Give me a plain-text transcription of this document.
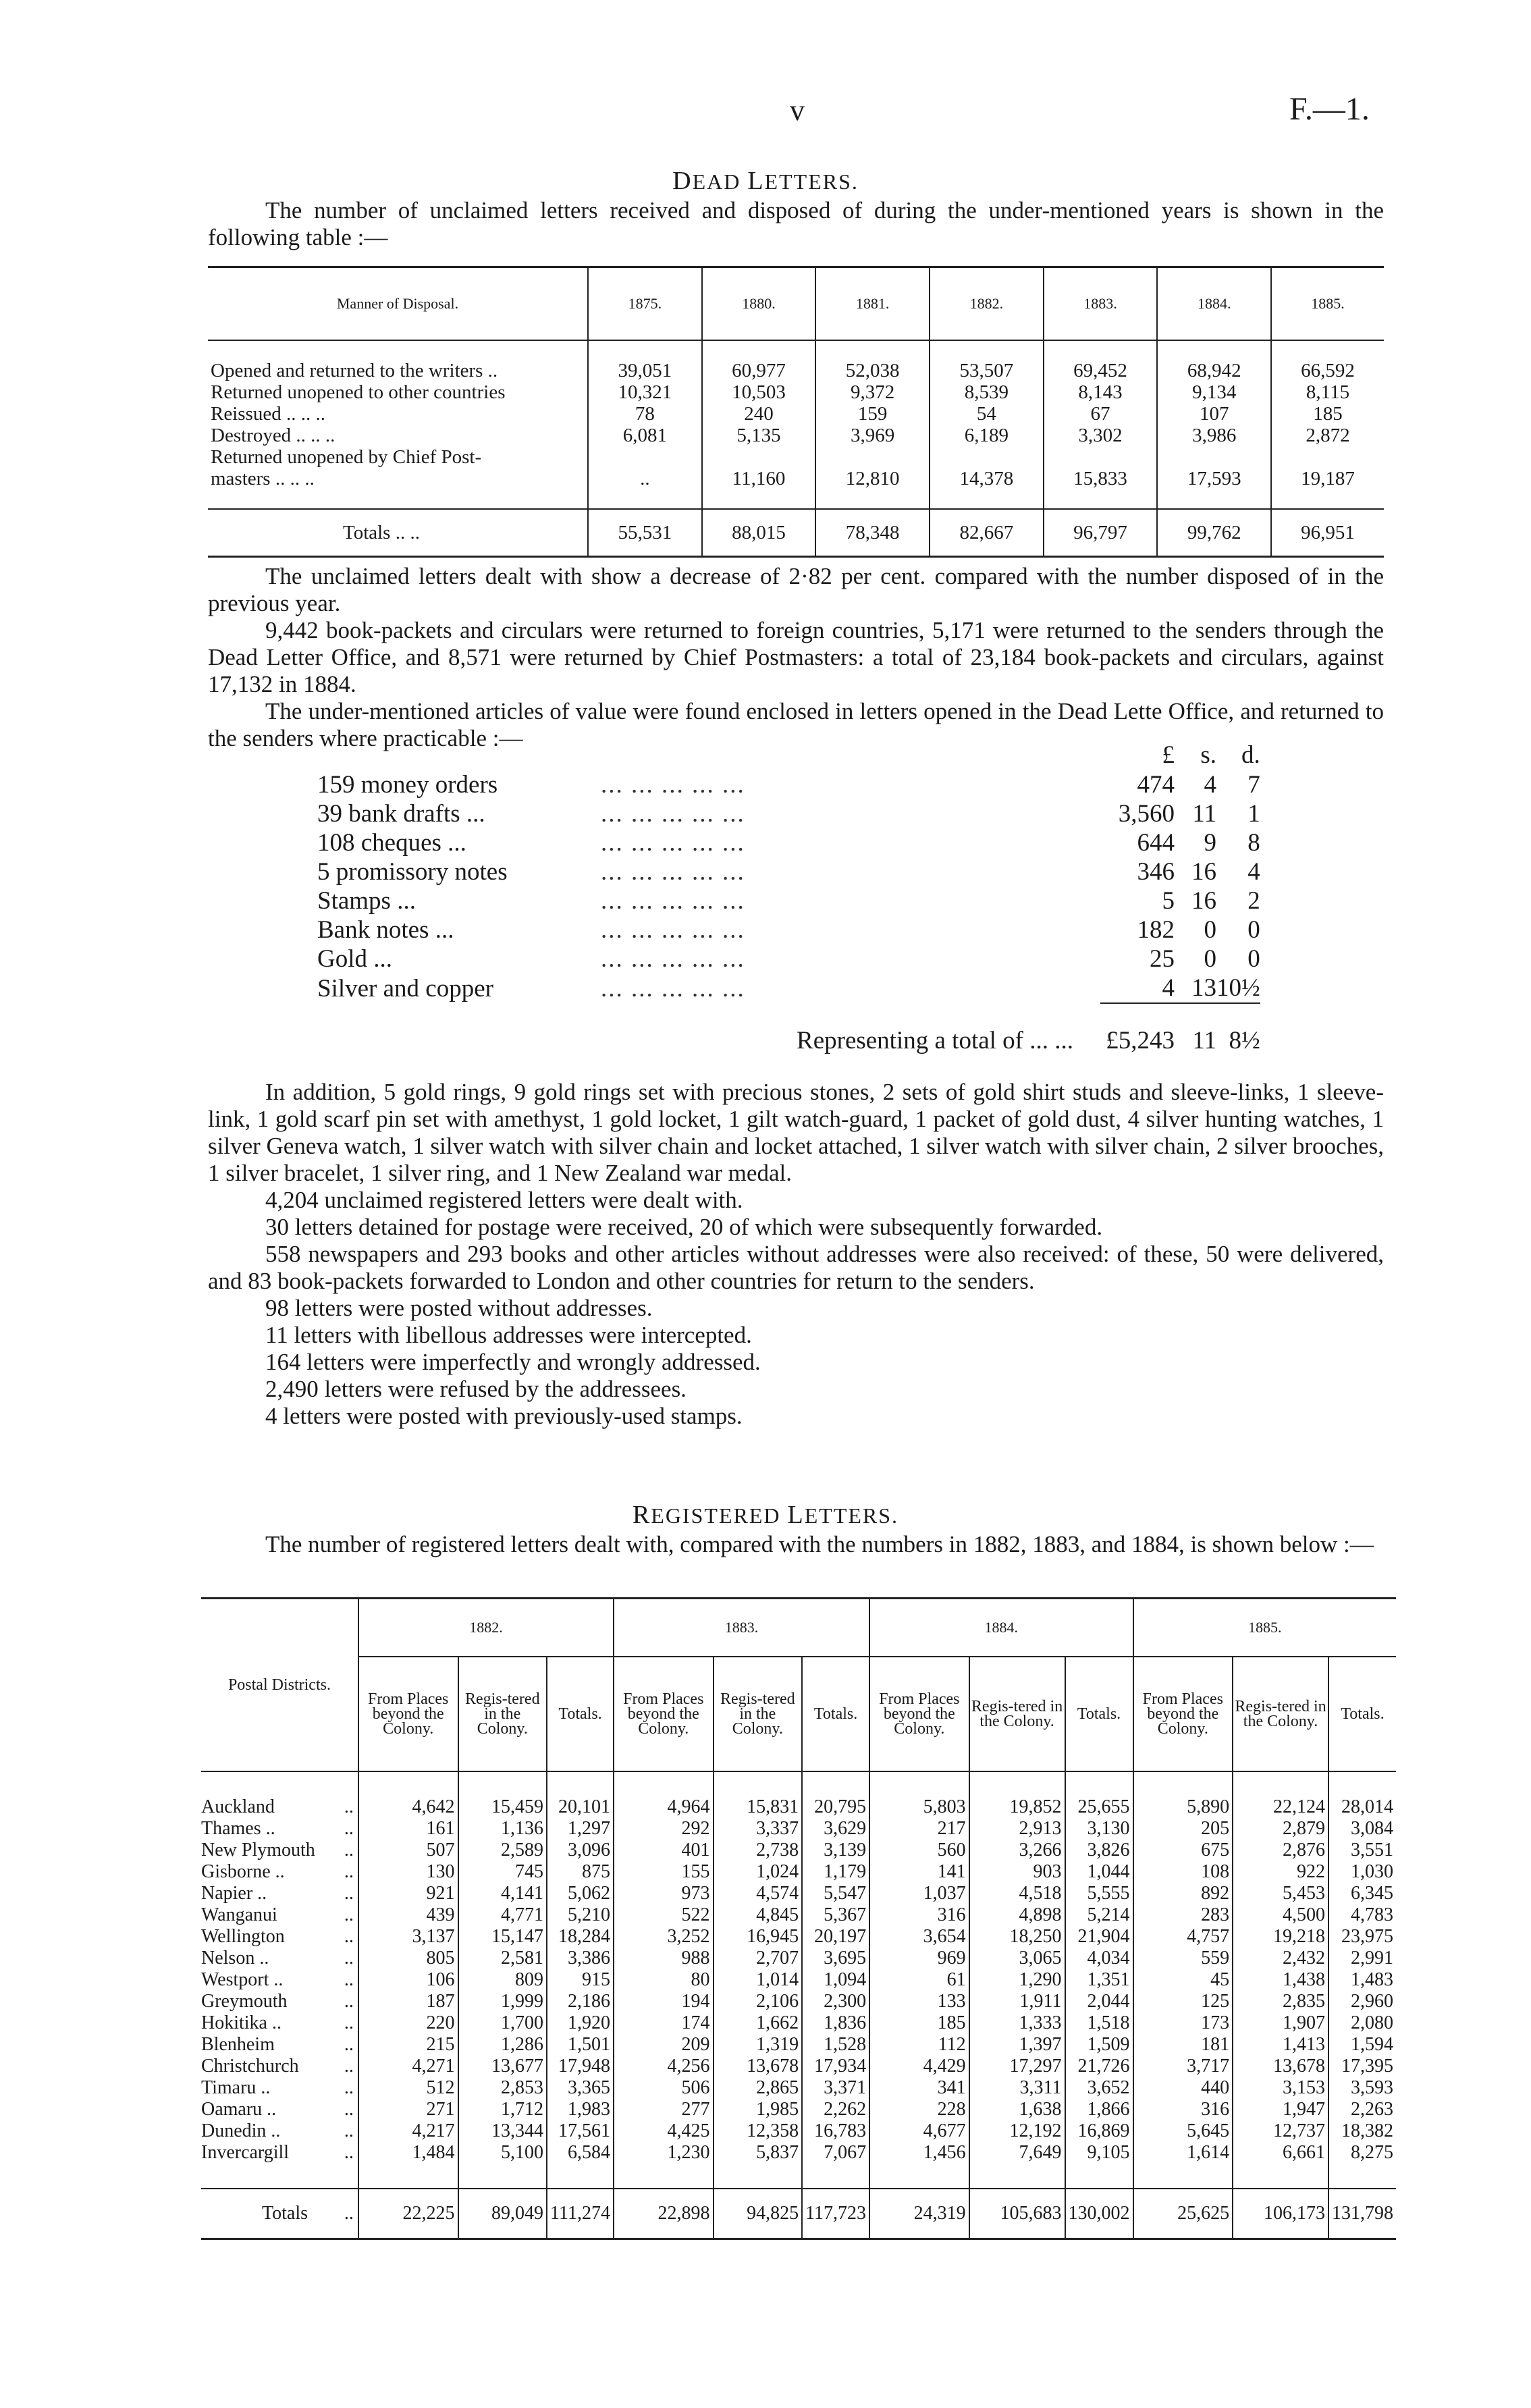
v	F.—1.
DEAD LETTERS.

The number of unclaimed letters received and disposed of during the under-mentioned years is shown in the following table :—

Manner of Disposal.	1875.	1880.	1881.	1882.	1883.	1884.	1885.

Opened and returned to the writers ..	39,051	60,977	52,038	53,507	69,452	68,942	66,592
Returned unopened to other countries	10,321	10,503	9,372	8,539	8,143	9,134	8,115
Reissued .. .. ..	78	240	159	54	67	107	185
Destroyed .. .. ..	6,081	5,135	3,969	6,189	3,302	3,986	2,872
Returned unopened by Chief Post-							
masters .. .. ..	..	11,160	12,810	14,378	15,833	17,593	19,187

Totals .. ..	55,531	88,015	78,348	82,667	96,797	99,762	96,951

The unclaimed letters dealt with show a decrease of 2·82 per cent. compared with the number disposed of in the previous year.

9,442 book-packets and circulars were returned to foreign countries, 5,171 were returned to the senders through the Dead Letter Office, and 8,571 were returned by Chief Postmasters: a total of 23,184 book-packets and circulars, against 17,132 in 1884.

The under-mentioned articles of value were found enclosed in letters opened in the Dead Lette Office, and returned to the senders where practicable :—

		£	s.	d.
159 money orders	... ... ... ... ...	474	4	7
39 bank drafts ...	... ... ... ... ...	3,560	11	1
108 cheques ...	... ... ... ... ...	644	9	8
5 promissory notes	... ... ... ... ...	346	16	4
Stamps ...	... ... ... ... ...	5	16	2
Bank notes ...	... ... ... ... ...	182	0	0
Gold ...	... ... ... ... ...	25	0	0
Silver and copper	... ... ... ... ...	4	13	10½
Representing a total of ... ...		£5,243	11	8½

In addition, 5 gold rings, 9 gold rings set with precious stones, 2 sets of gold shirt studs and sleeve-links, 1 sleeve-link, 1 gold scarf pin set with amethyst, 1 gold locket, 1 gilt watch-guard, 1 packet of gold dust, 4 silver hunting watches, 1 silver Geneva watch, 1 silver watch with silver chain and locket attached, 1 silver watch with silver chain, 2 silver brooches, 1 silver bracelet, 1 silver ring, and 1 New Zealand war medal.

4,204 unclaimed registered letters were dealt with.

30 letters detained for postage were received, 20 of which were subsequently forwarded.

558 newspapers and 293 books and other articles without addresses were also received: of these, 50 were delivered, and 83 book-packets forwarded to London and other countries for return to the senders.

98 letters were posted without addresses.

11 letters with libellous addresses were intercepted.

164 letters were imperfectly and wrongly addressed.

2,490 letters were refused by the addressees.

4 letters were posted with previously-used stamps.

REGISTERED LETTERS.

The number of registered letters dealt with, compared with the numbers in 1882, 1883, and 1884, is shown below :—

Postal Districts.		1882.			1883.			1884.			1885.		
		From Places beyond the Colony.	Regis-tered in the Colony.	Totals.	From Places beyond the Colony.	Regis-tered in the Colony.	Totals.	From Places beyond the Colony.	Regis-tered in the Colony.	Totals.	From Places beyond the Colony.	Regis-tered in the Colony.	Totals.

Auckland	..	4,642	15,459	20,101	4,964	15,831	20,795	5,803	19,852	25,655	5,890	22,124	28,014
Thames ..	..	161	1,136	1,297	292	3,337	3,629	217	2,913	3,130	205	2,879	3,084
New Plymouth	..	507	2,589	3,096	401	2,738	3,139	560	3,266	3,826	675	2,876	3,551
Gisborne ..	..	130	745	875	155	1,024	1,179	141	903	1,044	108	922	1,030
Napier ..	..	921	4,141	5,062	973	4,574	5,547	1,037	4,518	5,555	892	5,453	6,345
Wanganui	..	439	4,771	5,210	522	4,845	5,367	316	4,898	5,214	283	4,500	4,783
Wellington	..	3,137	15,147	18,284	3,252	16,945	20,197	3,654	18,250	21,904	4,757	19,218	23,975
Nelson ..	..	805	2,581	3,386	988	2,707	3,695	969	3,065	4,034	559	2,432	2,991
Westport ..	..	106	809	915	80	1,014	1,094	61	1,290	1,351	45	1,438	1,483
Greymouth	..	187	1,999	2,186	194	2,106	2,300	133	1,911	2,044	125	2,835	2,960
Hokitika ..	..	220	1,700	1,920	174	1,662	1,836	185	1,333	1,518	173	1,907	2,080
Blenheim	..	215	1,286	1,501	209	1,319	1,528	112	1,397	1,509	181	1,413	1,594
Christchurch	..	4,271	13,677	17,948	4,256	13,678	17,934	4,429	17,297	21,726	3,717	13,678	17,395
Timaru ..	..	512	2,853	3,365	506	2,865	3,371	341	3,311	3,652	440	3,153	3,593
Oamaru ..	..	271	1,712	1,983	277	1,985	2,262	228	1,638	1,866	316	1,947	2,263
Dunedin ..	..	4,217	13,344	17,561	4,425	12,358	16,783	4,677	12,192	16,869	5,645	12,737	18,382
Invercargill	..	1,484	5,100	6,584	1,230	5,837	7,067	1,456	7,649	9,105	1,614	6,661	8,275

Totals	..	22,225	89,049	111,274	22,898	94,825	117,723	24,319	105,683	130,002	25,625	106,173	131,798
